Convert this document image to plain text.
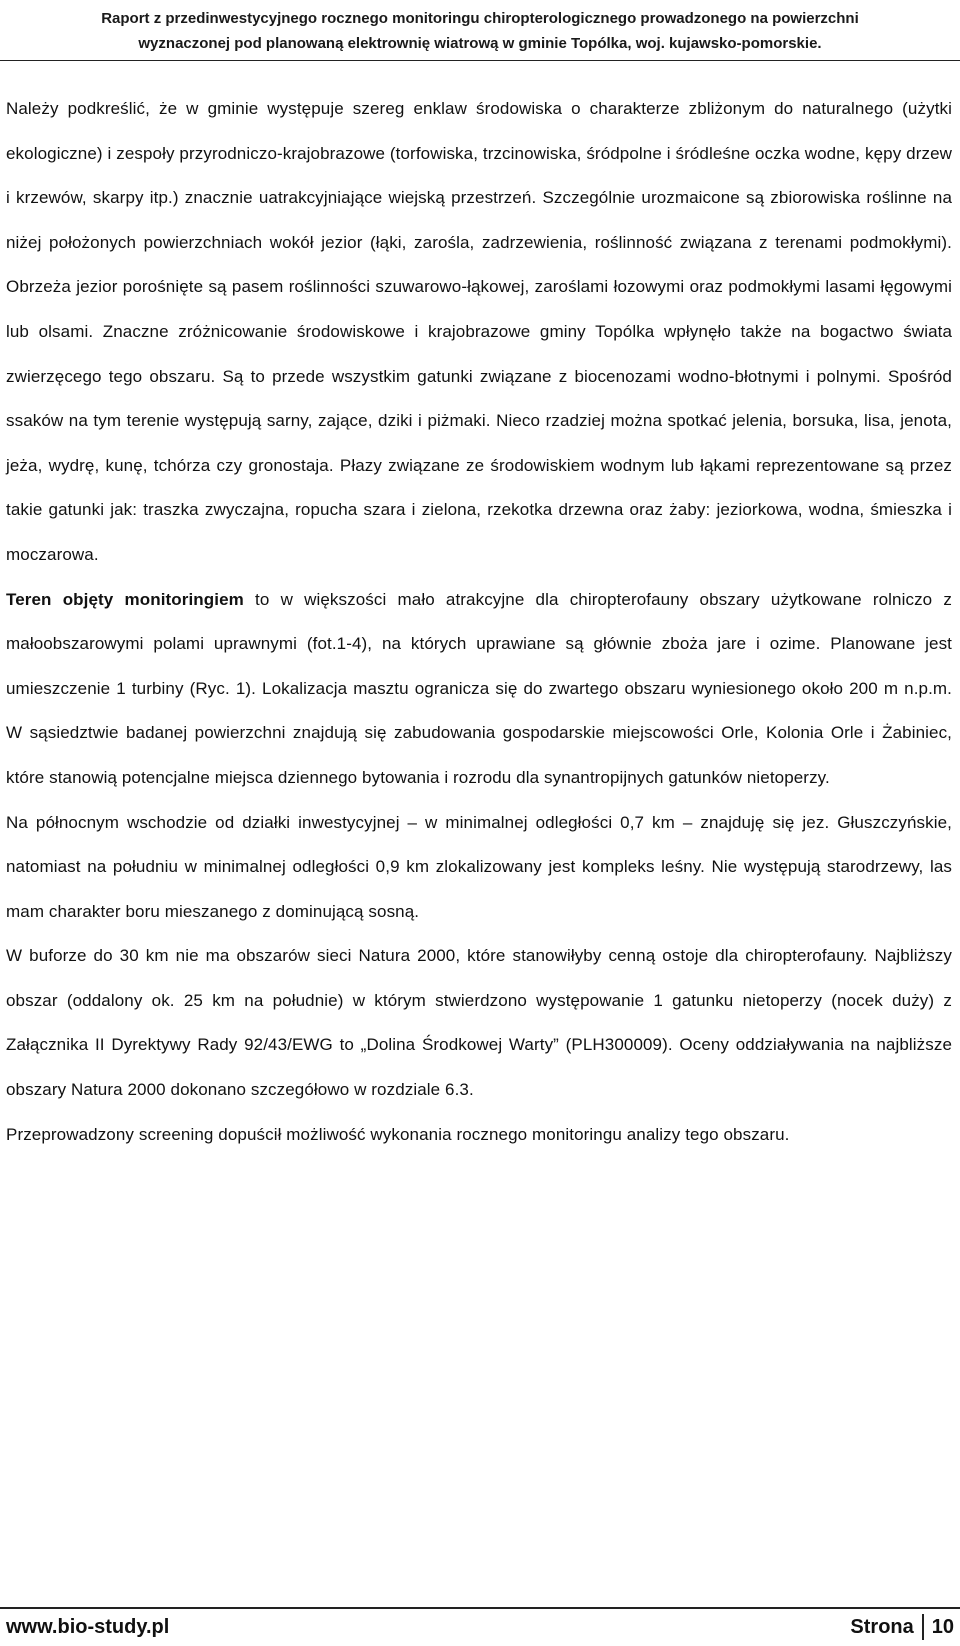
Raport z przedinwestycyjnego rocznego monitoringu chiropterologicznego prowadzonego na powierzchni
wyznaczonej pod planowaną elektrownię wiatrową w gminie Topólka, woj. kujawsko-pomorskie.

Należy podkreślić, że w gminie występuje szereg enklaw środowiska o charakterze zbliżonym do naturalnego (użytki ekologiczne) i zespoły przyrodniczo-krajobrazowe (torfowiska, trzcinowiska, śródpolne i śródleśne oczka wodne, kępy drzew i krzewów, skarpy itp.) znacznie uatrakcyjniające wiejską przestrzeń. Szczególnie urozmaicone są zbiorowiska roślinne na niżej położonych powierzchniach wokół jezior (łąki, zarośla, zadrzewienia, roślinność związana z terenami podmokłymi). Obrzeża jezior porośnięte są pasem roślinności szuwarowo-łąkowej, zaroślami łozowymi oraz podmokłymi lasami łęgowymi lub olsami. Znaczne zróżnicowanie środowiskowe i krajobrazowe gminy Topólka wpłynęło także na bogactwo świata zwierzęcego tego obszaru. Są to przede wszystkim gatunki związane z biocenozami wodno-błotnymi i polnymi. Spośród ssaków na tym terenie występują sarny, zające, dziki i piżmaki. Nieco rzadziej można spotkać jelenia, borsuka, lisa, jenota, jeża, wydrę, kunę, tchórza czy gronostaja. Płazy związane ze środowiskiem wodnym lub łąkami reprezentowane są przez takie gatunki jak: traszka zwyczajna, ropucha szara i zielona, rzekotka drzewna oraz żaby: jeziorkowa, wodna, śmieszka i moczarowa.

Teren objęty monitoringiem to w większości mało atrakcyjne dla chiropterofauny obszary użytkowane rolniczo z małoobszarowymi polami uprawnymi (fot.1-4), na których uprawiane są głównie zboża jare i ozime. Planowane jest umieszczenie 1 turbiny (Ryc. 1). Lokalizacja masztu ogranicza się do zwartego obszaru wyniesionego około 200 m n.p.m. W sąsiedztwie badanej powierzchni znajdują się zabudowania gospodarskie miejscowości Orle, Kolonia Orle i Żabiniec, które stanowią potencjalne miejsca dziennego bytowania i rozrodu dla synantropijnych gatunków nietoperzy.

Na północnym wschodzie od działki inwestycyjnej – w minimalnej odległości 0,7 km – znajduję się jez. Głuszczyńskie, natomiast na południu w minimalnej odległości 0,9 km zlokalizowany jest kompleks leśny. Nie występują starodrzewy, las mam charakter boru mieszanego z dominującą sosną.

W buforze do 30 km nie ma obszarów sieci Natura 2000, które stanowiłyby cenną ostoje dla chiropterofauny. Najbliższy obszar (oddalony ok. 25 km na południe) w którym stwierdzono występowanie 1 gatunku nietoperzy (nocek duży) z Załącznika II Dyrektywy Rady 92/43/EWG to „Dolina Środkowej Warty” (PLH300009). Oceny oddziaływania na najbliższe obszary Natura 2000 dokonano szczegółowo w rozdziale 6.3.

Przeprowadzony screening dopuścił możliwość wykonania rocznego monitoringu analizy tego obszaru.

www.bio-study.pl	Strona 10
